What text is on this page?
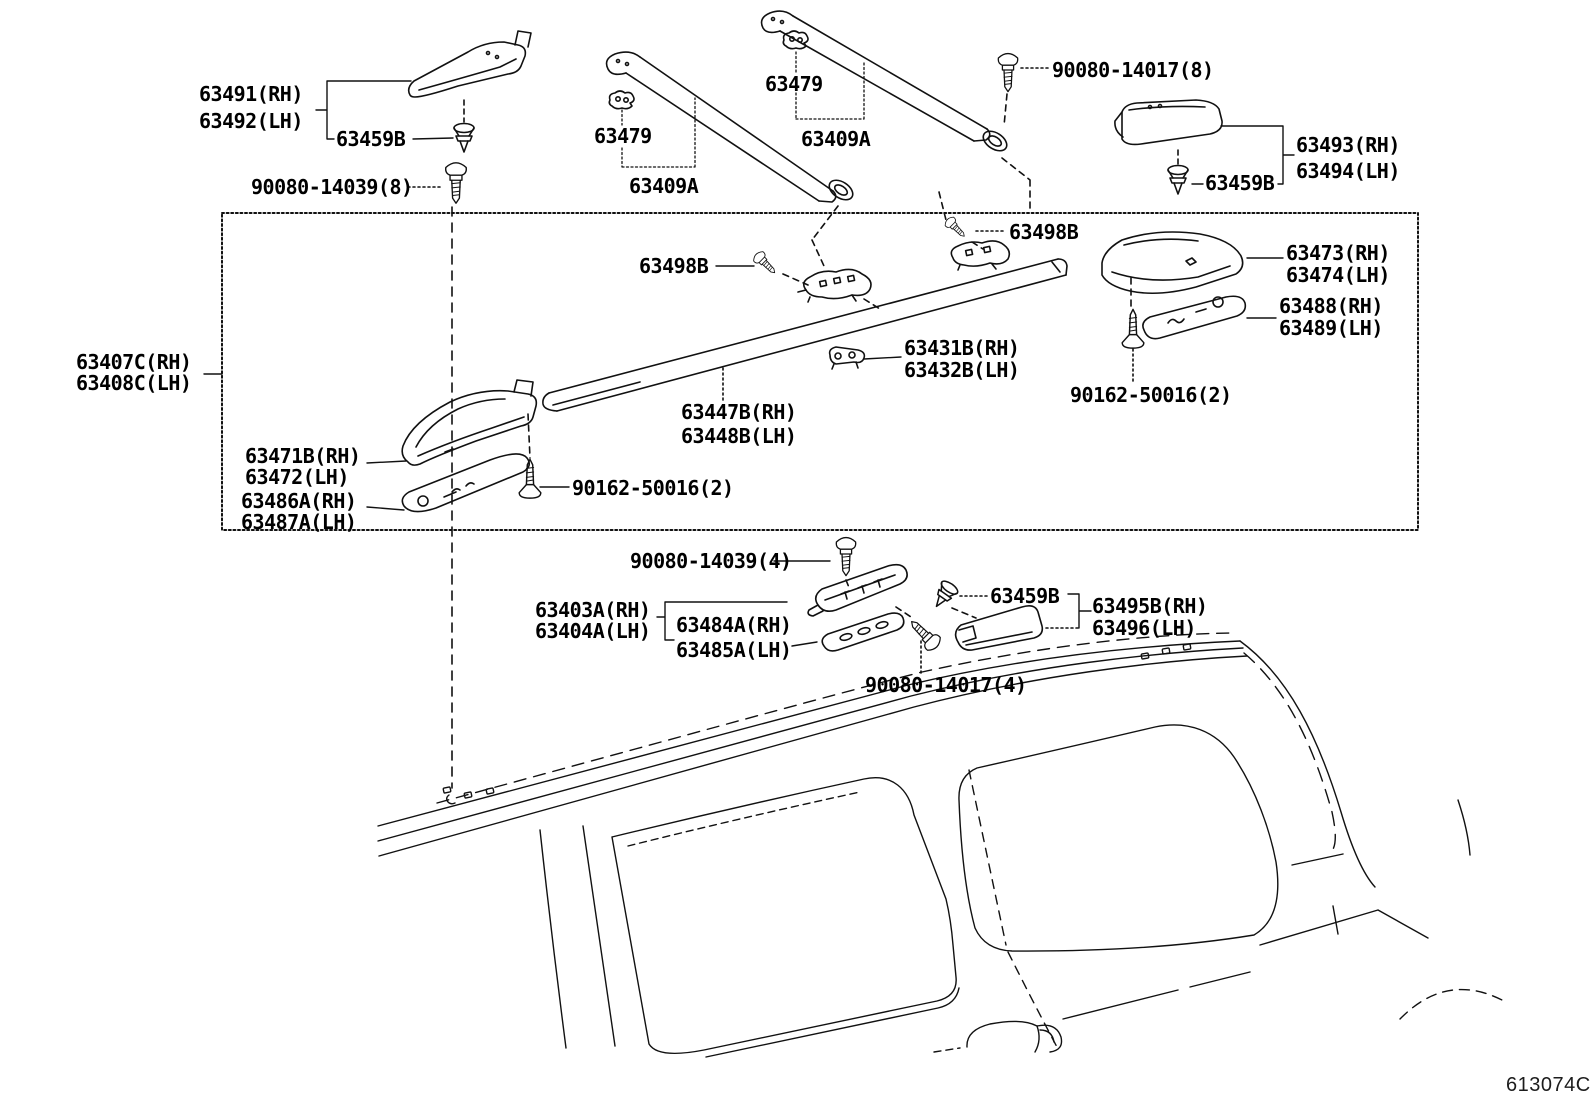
63491(RH)
63492(LH)
63459B
90080-14039(8)
63479
63409A
63479
63409A
90080-14017(8)
63493(RH)
63494(LH)
63459B
63498B
63498B
63473(RH)
63474(LH)
63488(RH)
63489(LH)
63407C(RH)
63408C(LH)
63431B(RH)
63432B(LH)
63447B(RH)
63448B(LH)
90162-50016(2)
63471B(RH)
63472(LH)
63486A(RH)
63487A(LH)
90162-50016(2)
90080-14039(4)
63403A(RH)
63404A(LH) 63484A(RH)
63485A(LH)
63459B 63495B(RH)
63496(LH)
90080-14017(4)
613074C
